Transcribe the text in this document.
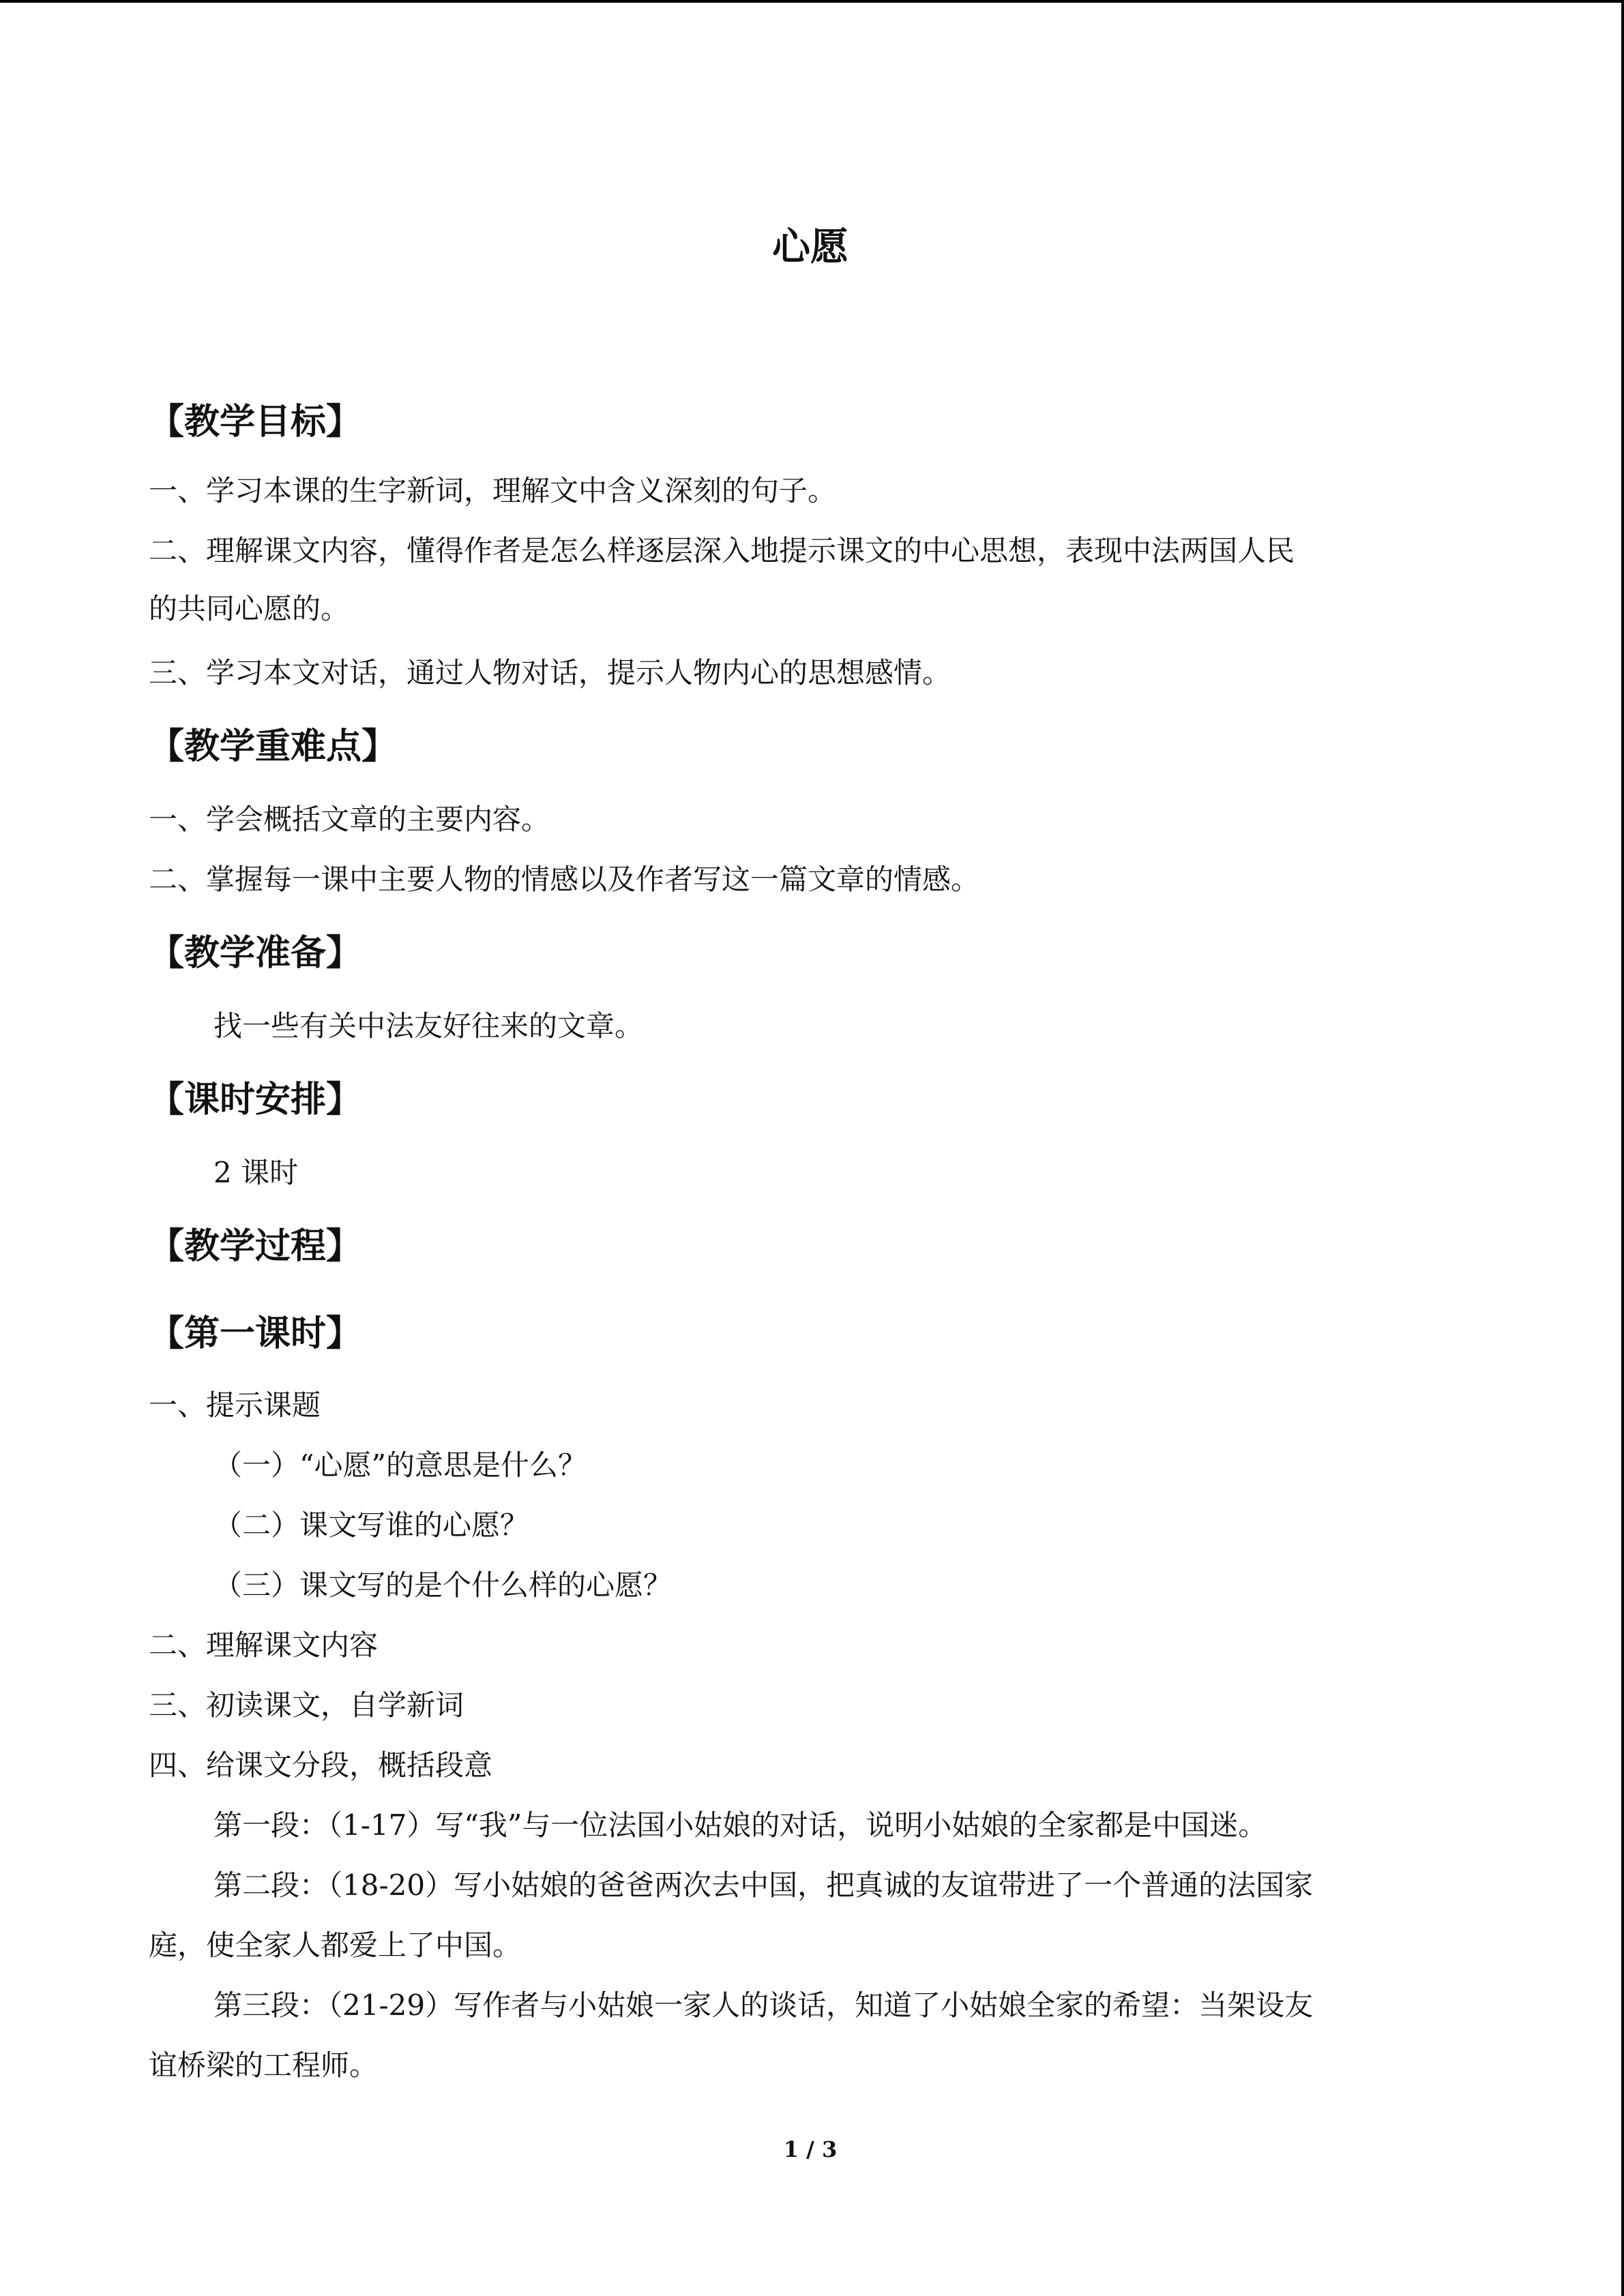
心愿
【教学目标】
一、学习本课的生字新词，理解文中含义深刻的句子。
二、理解课文内容，懂得作者是怎么样逐层深入地提示课文的中心思想，表现中法两国人民
的共同心愿的。
三、学习本文对话，通过人物对话，提示人物内心的思想感情。
【教学重难点】
一、学会概括文章的主要内容。
二、掌握每一课中主要人物的情感以及作者写这一篇文章的情感。
【教学准备】
找一些有关中法友好往来的文章。
【课时安排】
2 课时
【教学过程】
【第一课时】
一、提示课题
（一）“心愿”的意思是什么？
（二）课文写谁的心愿？
（三）课文写的是个什么样的心愿？
二、理解课文内容
三、初读课文，自学新词
四、给课文分段，概括段意
第一段：（1-17）写“我”与一位法国小姑娘的对话，说明小姑娘的全家都是中国迷。
第二段：（18-20）写小姑娘的爸爸两次去中国，把真诚的友谊带进了一个普通的法国家
庭，使全家人都爱上了中国。
第三段：（21-29）写作者与小姑娘一家人的谈话，知道了小姑娘全家的希望：当架设友
谊桥梁的工程师。
1 / 3
